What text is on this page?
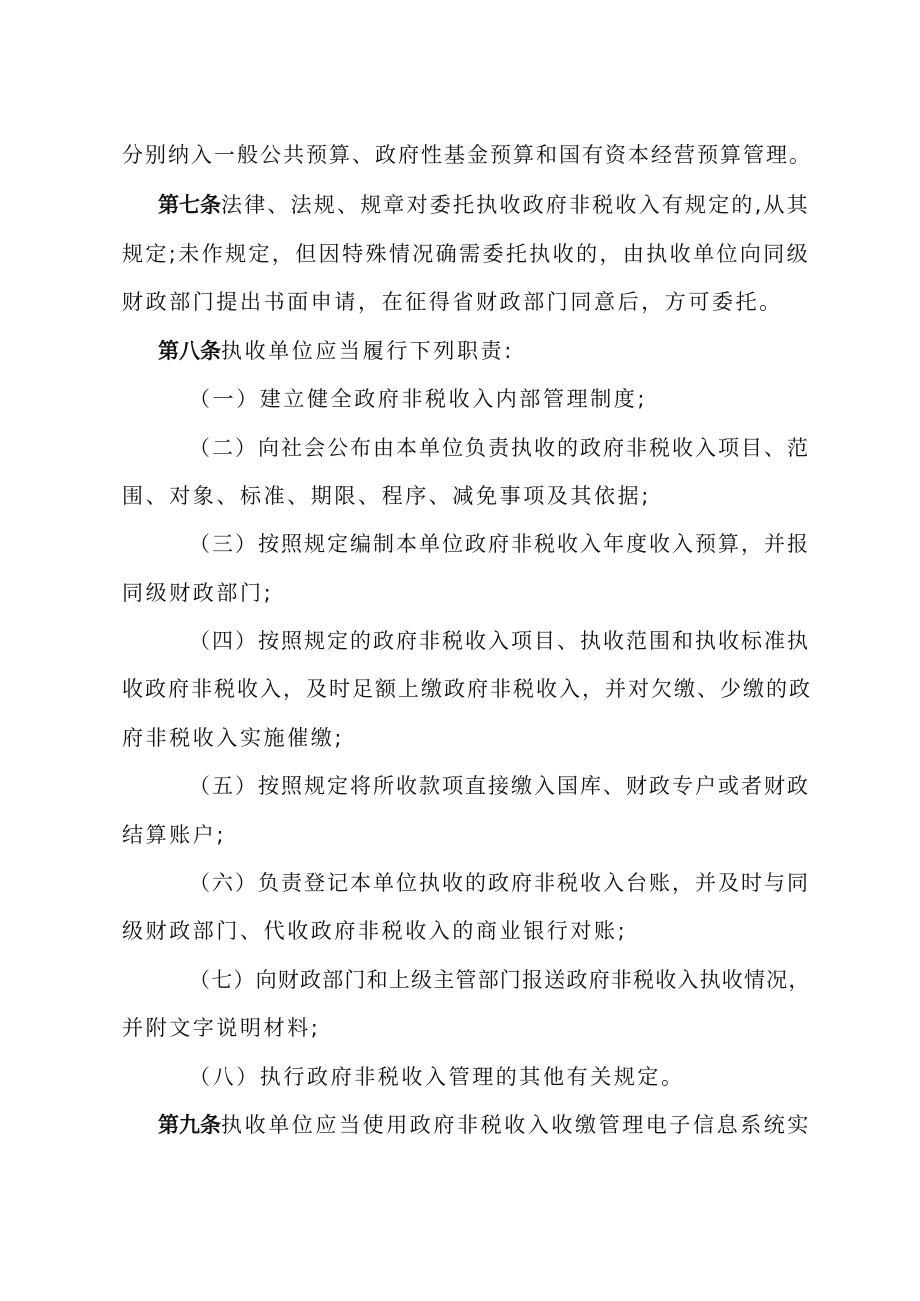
分别纳入一般公共预算、政府性基金预算和国有资本经营预算管理。
第七条法律、法规、规章对委托执收政府非税收入有规定的,从其
规定;未作规定，但因特殊情况确需委托执收的，由执收单位向同级
财政部门提出书面申请，在征得省财政部门同意后，方可委托。
第八条执收单位应当履行下列职责:
（一）建立健全政府非税收入内部管理制度;
（二）向社会公布由本单位负责执收的政府非税收入项目、范
围、对象、标准、期限、程序、减免事项及其依据;
（三）按照规定编制本单位政府非税收入年度收入预算，并报
同级财政部门;
（四）按照规定的政府非税收入项目、执收范围和执收标准执
收政府非税收入，及时足额上缴政府非税收入，并对欠缴、少缴的政
府非税收入实施催缴;
（五）按照规定将所收款项直接缴入国库、财政专户或者财政
结算账户;
（六）负责登记本单位执收的政府非税收入台账，并及时与同
级财政部门、代收政府非税收入的商业银行对账;
（七）向财政部门和上级主管部门报送政府非税收入执收情况，
并附文字说明材料;
（八）执行政府非税收入管理的其他有关规定。
第九条执收单位应当使用政府非税收入收缴管理电子信息系统实
